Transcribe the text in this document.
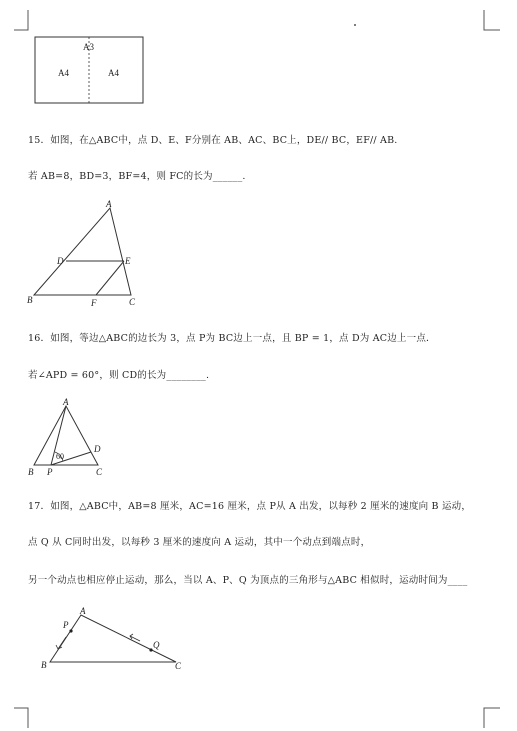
A3
A4	A4
15．如图，在△ABC中，点 D、E、F分别在 AB、AC、BC上，DE// BC，EF// AB.
若 AB=8，BD=3，BF=4，则 FC的长为______.
A
B	C
D	E
F
16．如图，等边△ABC的边长为 3，点 P为 BC边上一点，且 BP = 1，点 D为 AC边上一点．
若∠APD = 60°，则 CD的长为________.
60
A
B P	C
D
17．如图，△ABC中，AB=8 厘米，AC=16 厘米，点 P从 A 出发，以每秒 2 厘米的速度向 B 运动，
点 Q 从 C同时出发，以每秒 3 厘米的速度向 A 运动，其中一个动点到端点时，
另一个动点也相应停止运动，那么，当以 A、P、Q 为顶点的三角形与△ABC 相似时，运动时间为____
A
P
B	C
Q
